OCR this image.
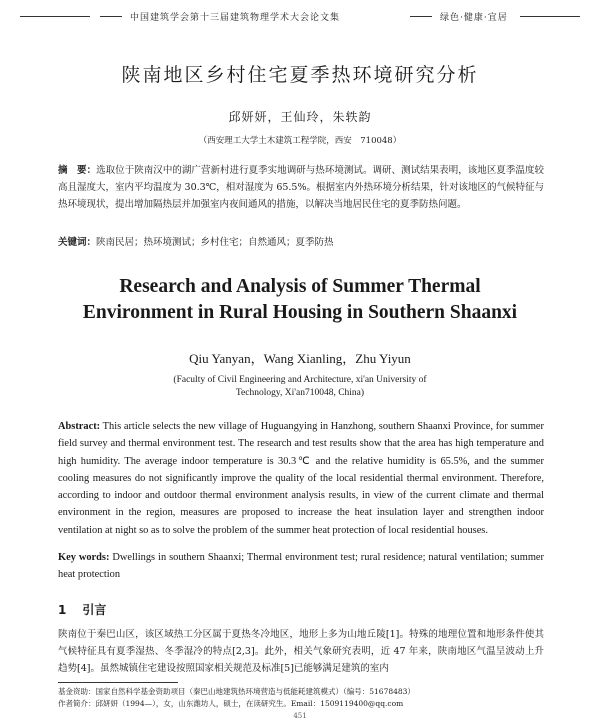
中国建筑学会第十三届建筑物理学术大会论文集	绿色·健康·宜居
陕南地区乡村住宅夏季热环境研究分析
邱妍妍，王仙玲，朱轶韵
（西安理工大学土木建筑工程学院，西安　710048）
摘　要：选取位于陕南汉中的湖广营新村进行夏季实地调研与热环境测试。调研、测试结果表明，该地区夏季温度较高且湿度大，室内平均温度为 30.3℃，相对湿度为 65.5%。根据室内外热环境分析结果，针对该地区的气候特征与热环境现状，提出增加隔热层并加强室内夜间通风的措施，以解决当地居民住宅的夏季防热问题。
关键词：陕南民居；热环境测试；乡村住宅；自然通风；夏季防热
Research and Analysis of Summer Thermal
Environment in Rural Housing in Southern Shaanxi
Qiu Yanyan，Wang Xianling，Zhu Yiyun
(Faculty of Civil Engineering and Architecture, xi'an University of
Technology, Xi'an710048, China)
Abstract: This article selects the new village of Huguangying in Hanzhong, southern Shaanxi Province, for summer field survey and thermal environment test. The research and test results show that the area has high temperature and high humidity. The average indoor temperature is 30.3℃ and the relative humidity is 65.5%, and the summer cooling measures do not significantly improve the quality of the local residential thermal environment. Therefore, according to indoor and outdoor thermal environment analysis results, in view of the current climate and thermal environment in the region, measures are proposed to increase the heat insulation layer and strengthen indoor ventilation at night so as to solve the problem of the summer heat protection of local residential houses.
Key words: Dwellings in southern Shaanxi; Thermal environment test; rural residence; natural ventilation; summer heat protection
1 引言
陕南位于秦巴山区，该区域热工分区属于夏热冬冷地区，地形上多为山地丘陵[1]。特殊的地理位置和地形条件使其气候特征具有夏季湿热、冬季湿冷的特点[2,3]。此外，相关气象研究表明，近 47 年来，陕南地区气温呈波动上升趋势[4]。虽然城镇住宅建设按照国家相关规范及标准[5]已能够满足建筑的室内
基金资助：国家自然科学基金资助项目（秦巴山地建筑热环境营造与低能耗建筑模式）（编号：51678483）
作者简介：邱妍妍（1994—），女，山东潍坊人，硕士，在读研究生。Email：1509119400@qq.com
451
